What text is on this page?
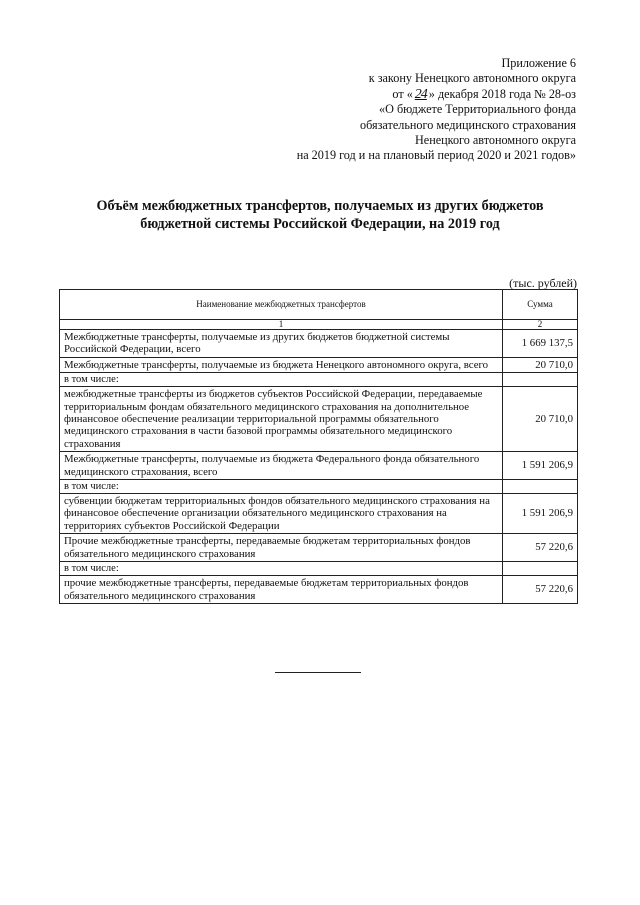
Приложение 6
к закону Ненецкого автономного округа
от « 24 » декабря 2018 года № 28-оз
«О бюджете Территориального фонда
обязательного медицинского страхования
Ненецкого автономного округа
на 2019 год и на плановый период 2020 и 2021 годов»
Объём межбюджетных трансфертов, получаемых из других бюджетов
бюджетной системы Российской Федерации, на 2019 год
(тыс. рублей)
Наименование межбюджетных трансфертов	Сумма
1	2
Межбюджетные трансферты, получаемые из других бюджетов бюджетной системы Российской Федерации, всего	1 669 137,5
Межбюджетные трансферты, получаемые из бюджета Ненецкого автономного округа, всего	20 710,0
в том числе:	
межбюджетные трансферты из бюджетов субъектов Российской Федерации, передаваемые территориальным фондам обязательного медицинского страхования на дополнительное финансовое обеспечение реализации территориальной программы обязательного медицинского страхования в части базовой программы обязательного медицинского страхования	20 710,0
Межбюджетные трансферты, получаемые из бюджета Федерального фонда обязательного медицинского страхования, всего	1 591 206,9
в том числе:	
субвенции бюджетам территориальных фондов обязательного медицинского страхования на финансовое обеспечение организации обязательного медицинского страхования на территориях субъектов Российской Федерации	1 591 206,9
Прочие межбюджетные трансферты, передаваемые бюджетам территориальных фондов обязательного медицинского страхования	57 220,6
в том числе:	
прочие межбюджетные трансферты, передаваемые бюджетам территориальных фондов обязательного медицинского страхования	57 220,6
